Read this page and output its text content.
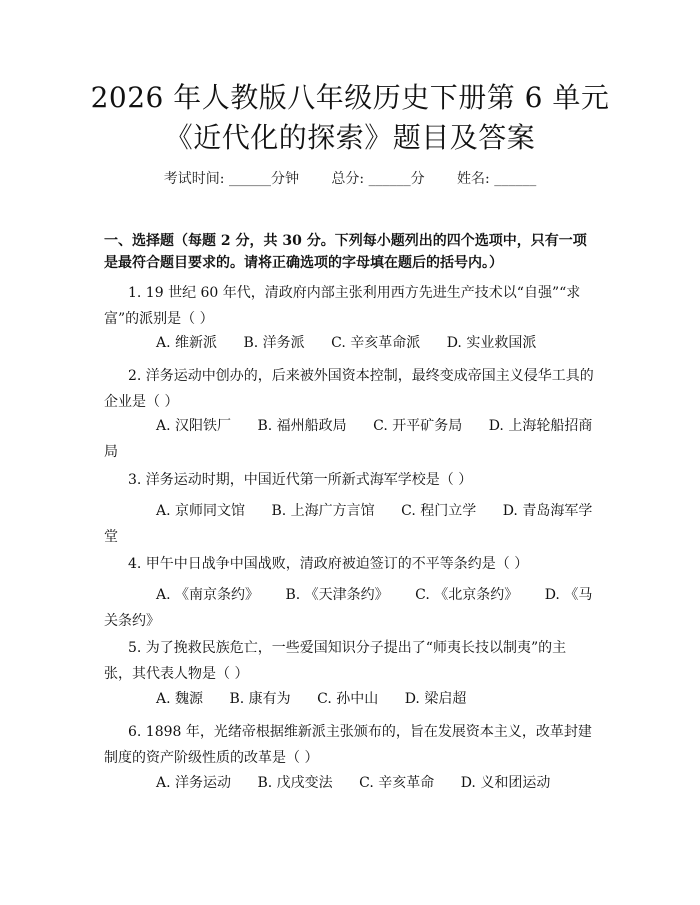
2026 年人教版八年级历史下册第 6 单元《近代化的探索》题目及答案
考试时间: ______分钟 总分: ______分 姓名: ______
一、选择题（每题 2 分，共 30 分。下列每小题列出的四个选项中，只有一项是最符合题目要求的。请将正确选项的字母填在题后的括号内。）
1. 19 世纪 60 年代，清政府内部主张利用西方先进生产技术以“自强”“求富”的派别是（ ）
A. 维新派 B. 洋务派 C. 辛亥革命派 D. 实业救国派
2. 洋务运动中创办的，后来被外国资本控制，最终变成帝国主义侵华工具的企业是（ ）
A. 汉阳铁厂 B. 福州船政局 C. 开平矿务局 D. 上海轮船招商局
3. 洋务运动时期，中国近代第一所新式海军学校是（ ）
A. 京师同文馆 B. 上海广方言馆 C. 程门立学 D. 青岛海军学堂
4. 甲午中日战争中国战败，清政府被迫签订的不平等条约是（ ）
A. 《南京条约》 B. 《天津条约》 C. 《北京条约》 D. 《马关条约》
5. 为了挽救民族危亡，一些爱国知识分子提出了“师夷长技以制夷”的主张，其代表人物是（ ）
A. 魏源 B. 康有为 C. 孙中山 D. 梁启超
6. 1898 年，光绪帝根据维新派主张颁布的，旨在发展资本主义，改革封建制度的资产阶级性质的改革是（ ）
A. 洋务运动 B. 戊戌变法 C. 辛亥革命 D. 义和团运动
